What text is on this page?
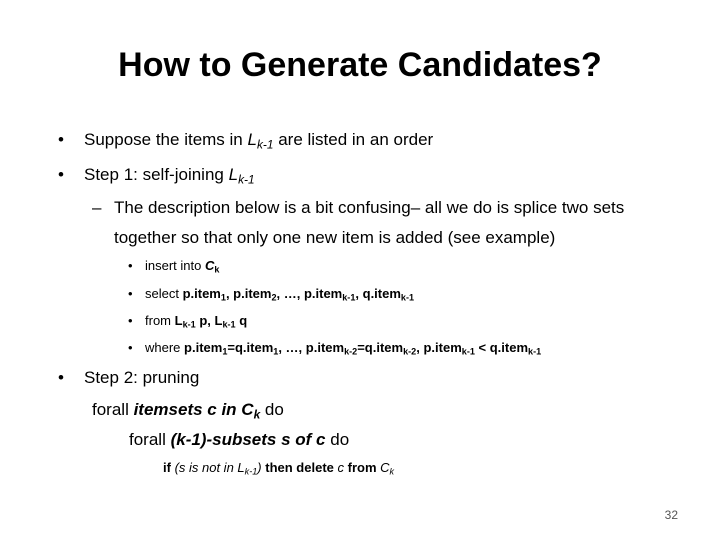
How to Generate Candidates?
• Suppose the items in $L_{k-1}$ are listed in an order
• Step 1: self-joining $L_{k-1}$
– The description below is a bit confusing– all we do is splice two sets
together so that only one new item is added (see example)
• insert into $C_k$
• select p.item$_1$, p.item$_2$, …, p.item$_{k-1}$, q.item$_{k-1}$
• from $L_{k-1}$ p, $L_{k-1}$ q
• where p.item$_1$=q.item$_1$, …, p.item$_{k-2}$=q.item$_{k-2}$, p.item$_{k-1}$ < q.item$_{k-1}$
• Step 2: pruning
forall itemsets c in $C_k$ do
forall (k-1)-subsets s of c do
if (s is not in $L_{k-1}$) then delete c from $C_k$
32
